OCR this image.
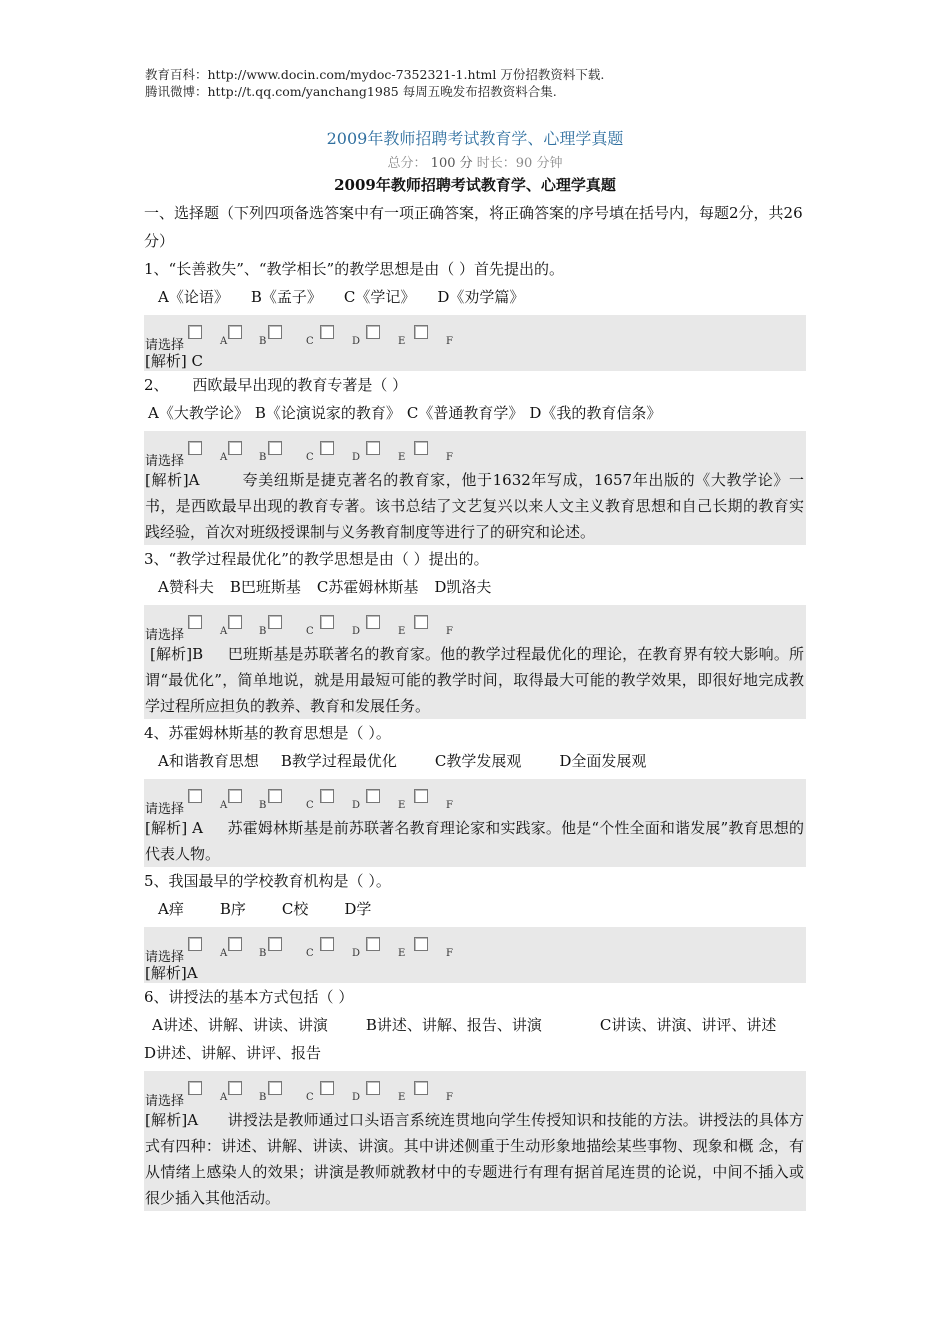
教育百科：http://www.docin.com/mydoc-7352321-1.html 万份招教资料下载.
腾讯微博：http://t.qq.com/yanchang1985 每周五晚发布招教资料合集.
2009年教师招聘考试教育学、心理学真题
总分： 100 分 时长：90 分钟
2009年教师招聘考试教育学、心理学真题
一、选择题（下列四项备选答案中有一项正确答案，将正确答案的序号填在括号内，每题2分，共26分）
1、“长善救失”、“教学相长”的教学思想是由（ ）首先提出的。
A《论语》 B《孟子》 C《学记》 D《劝学篇》
请选择	A	B	C	D	E	F
[解析] C
2、     西欧最早出现的教育专著是（ ）
A《大教学论》 B《论演说家的教育》 C《普通教育学》 D《我的教育信条》
请选择	A	B	C	D	E	F
[解析]A        夸美纽斯是捷克著名的教育家，他于1632年写成，1657年出版的《大教学论》一书，是西欧最早出现的教育专著。该书总结了文艺复兴以来人文主义教育思想和自己长期的教育实践经验，首次对班级授课制与义务教育制度等进行了的研究和论述。
3、“教学过程最优化”的教学思想是由（ ）提出的。
A赞科夫 B巴班斯基 C苏霍姆林斯基 D凯洛夫
请选择	A	B	C	D	E	F
[解析]B     巴班斯基是苏联著名的教育家。他的教学过程最优化的理论，在教育界有较大影响。所谓“最优化”，简单地说，就是用最短可能的教学时间，取得最大可能的教学效果，即很好地完成教学过程所应担负的教养、教育和发展任务。
4、苏霍姆林斯基的教育思想是（ ）。
A和谐教育思想 B教学过程最优化	C教学发展观	D全面发展观
请选择	A	B	C	D	E	F
[解析] A     苏霍姆林斯基是前苏联著名教育理论家和实践家。他是“个性全面和谐发展”教育思想的代表人物。
5、我国最早的学校教育机构是（ ）。
A痒 B序 C校 D学
请选择	A	B	C	D	E	F
[解析]A
6、讲授法的基本方式包括（ ）
A讲述、讲解、讲读、讲演	B讲述、讲解、报告、讲演	C讲读、讲演、讲评、讲述
D讲述、讲解、讲评、报告
请选择	A	B	C	D	E	F
[解析]A      讲授法是教师通过口头语言系统连贯地向学生传授知识和技能的方法。讲授法的具体方式有四种：讲述、讲解、讲读、讲演。其中讲述侧重于生动形象地描绘某些事物、现象和概 念，有从情绪上感染人的效果；讲演是教师就教材中的专题进行有理有据首尾连贯的论说，中间不插入或很少插入其他活动。
